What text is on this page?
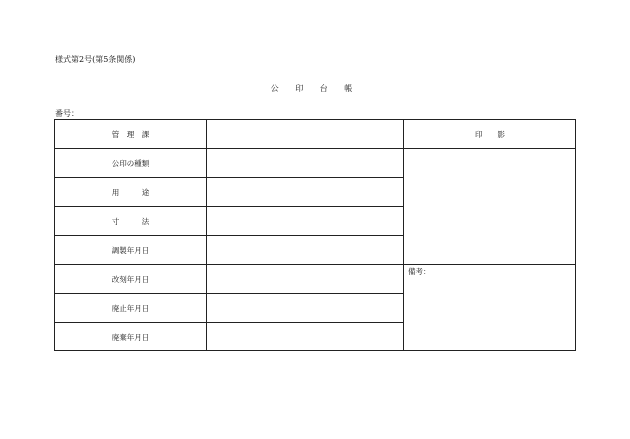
様式第2号(第5条関係)
公 印 台 帳
番号：
管　理　課
公印の種類
用　　　途
寸　　　法
調製年月日
改刻年月日
廃止年月日
廃棄年月日
印　　影
備考：
